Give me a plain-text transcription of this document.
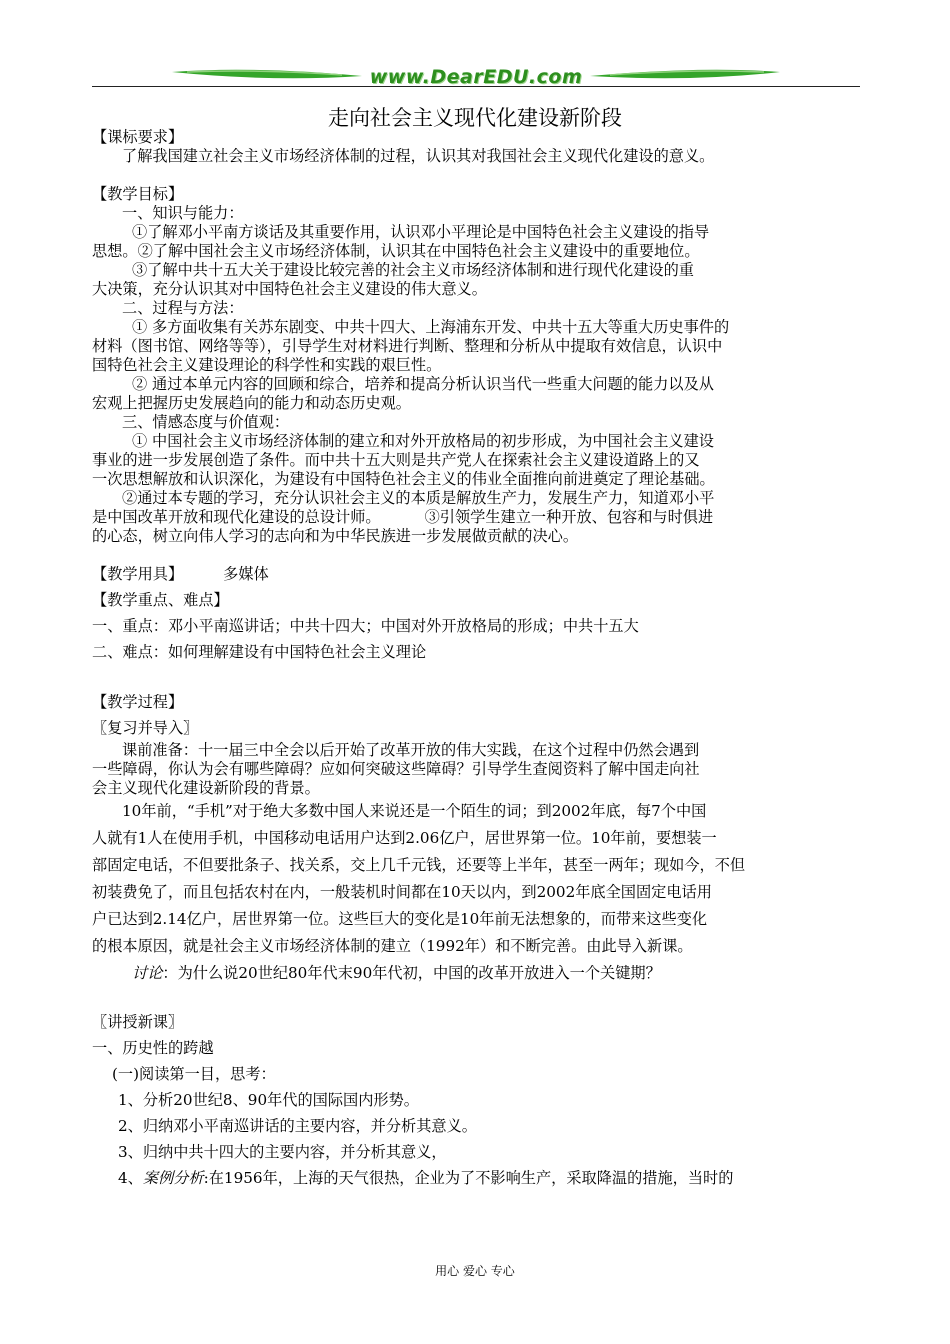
www.DearEDU.com
走向社会主义现代化建设新阶段

【课标要求】

了解我国建立社会主义市场经济体制的过程，认识其对我国社会主义现代化建设的意义。

【教学目标】

一、知识与能力：

①了解邓小平南方谈话及其重要作用，认识邓小平理论是中国特色社会主义建设的指导

思想。②了解中国社会主义市场经济体制，认识其在中国特色社会主义建设中的重要地位。

③了解中共十五大关于建设比较完善的社会主义市场经济体制和进行现代化建设的重

大决策，充分认识其对中国特色社会主义建设的伟大意义。

二、过程与方法：

① 多方面收集有关苏东剧变、中共十四大、上海浦东开发、中共十五大等重大历史事件的

材料（图书馆、网络等等），引导学生对材料进行判断、整理和分析从中提取有效信息，认识中

国特色社会主义建设理论的科学性和实践的艰巨性。

② 通过本单元内容的回顾和综合，培养和提高分析认识当代一些重大问题的能力以及从

宏观上把握历史发展趋向的能力和动态历史观。

三、情感态度与价值观：

① 中国社会主义市场经济体制的建立和对外开放格局的初步形成，为中国社会主义建设

事业的进一步发展创造了条件。而中共十五大则是共产党人在探索社会主义建设道路上的又

一次思想解放和认识深化，为建设有中国特色社会主义的伟业全面推向前进奠定了理论基础。

②通过本专题的学习，充分认识社会主义的本质是解放生产力，发展生产力，知道邓小平

是中国改革开放和现代化建设的总设计师。	③引领学生建立一种开放、包容和与时俱进

的心态，树立向伟人学习的志向和为中华民族进一步发展做贡献的决心。

【教学用具】	多媒体

【教学重点、难点】

一、重点：邓小平南巡讲话；中共十四大；中国对外开放格局的形成；中共十五大

二、难点：如何理解建设有中国特色社会主义理论

【教学过程】

〖复习并导入〗

课前准备：十一届三中全会以后开始了改革开放的伟大实践，在这个过程中仍然会遇到

一些障碍，你认为会有哪些障碍？应如何突破这些障碍？引导学生查阅资料了解中国走向社

会主义现代化建设新阶段的背景。

10年前，“手机”对于绝大多数中国人来说还是一个陌生的词；到2002年底，每7个中国

人就有1人在使用手机，中国移动电话用户达到2.06亿户，居世界第一位。10年前，要想装一

部固定电话，不但要批条子、找关系，交上几千元钱，还要等上半年，甚至一两年；现如今，不但

初装费免了，而且包括农村在内，一般装机时间都在10天以内，到2002年底全国固定电话用

户已达到2.14亿户，居世界第一位。这些巨大的变化是10年前无法想象的，而带来这些变化

的根本原因，就是社会主义市场经济体制的建立（1992年）和不断完善。由此导入新课。

讨论：为什么说20世纪80年代末90年代初，中国的改革开放进入一个关键期？

〖讲授新课〗

一、历史性的跨越

(一)阅读第一目，思考：

1、分析20世纪8、90年代的国际国内形势。

2、归纳邓小平南巡讲话的主要内容，并分析其意义。

3、归纳中共十四大的主要内容，并分析其意义，

4、案例分析:在1956年，上海的天气很热，企业为了不影响生产，采取降温的措施，当时的

用心 爱心 专心
